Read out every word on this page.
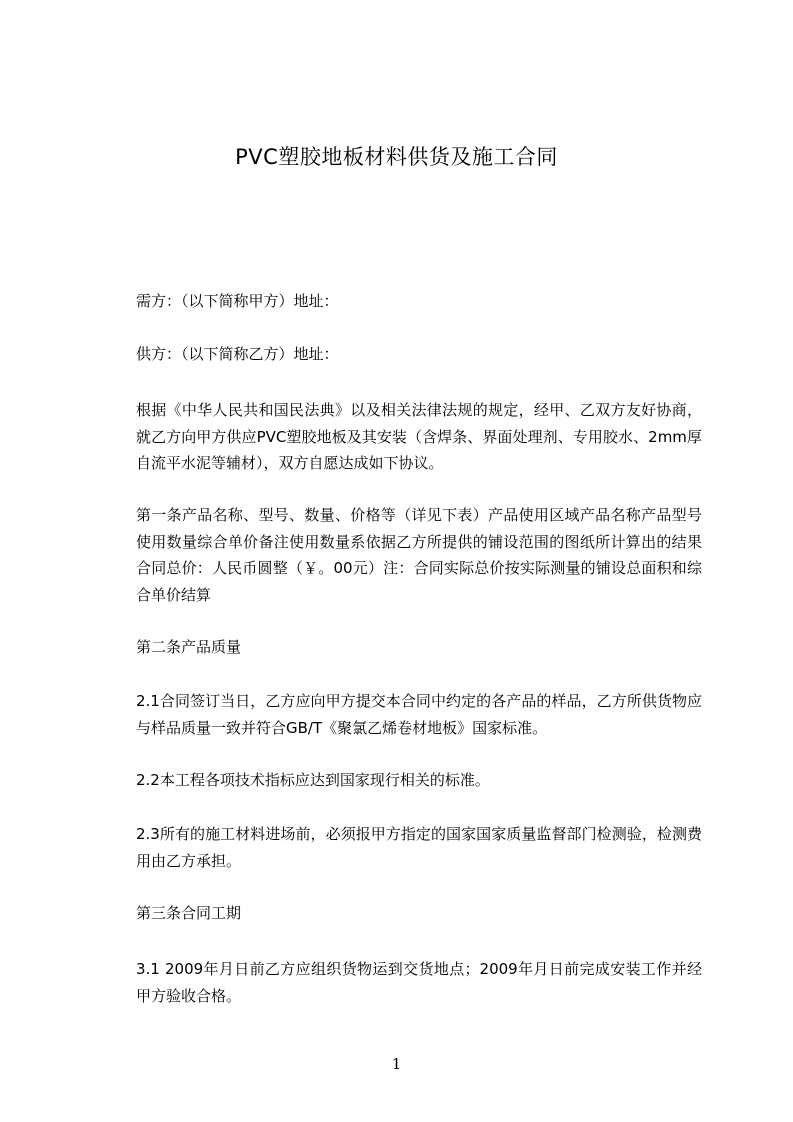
PVC塑胶地板材料供货及施工合同

需方：（以下简称甲方）地址：

供方：（以下简称乙方）地址：

根据《中华人民共和国民法典》以及相关法律法规的规定，经甲、乙双方友好协商，就乙方向甲方供应PVC塑胶地板及其安装（含焊条、界面处理剂、专用胶水、2mm厚自流平水泥等辅材），双方自愿达成如下协议。

第一条产品名称、型号、数量、价格等（详见下表）产品使用区域产品名称产品型号使用数量综合单价备注使用数量系依据乙方所提供的铺设范围的图纸所计算出的结果合同总价：人民币圆整（￥。00元）注：合同实际总价按实际测量的铺设总面积和综合单价结算

第二条产品质量

2.1合同签订当日，乙方应向甲方提交本合同中约定的各产品的样品，乙方所供货物应与样品质量一致并符合GB/T《聚氯乙烯卷材地板》国家标准。

2.2本工程各项技术指标应达到国家现行相关的标准。

2.3所有的施工材料进场前，必须报甲方指定的国家国家质量监督部门检测验，检测费用由乙方承担。

第三条合同工期

3.1 2009年月日前乙方应组织货物运到交货地点；2009年月日前完成安装工作并经甲方验收合格。

1
